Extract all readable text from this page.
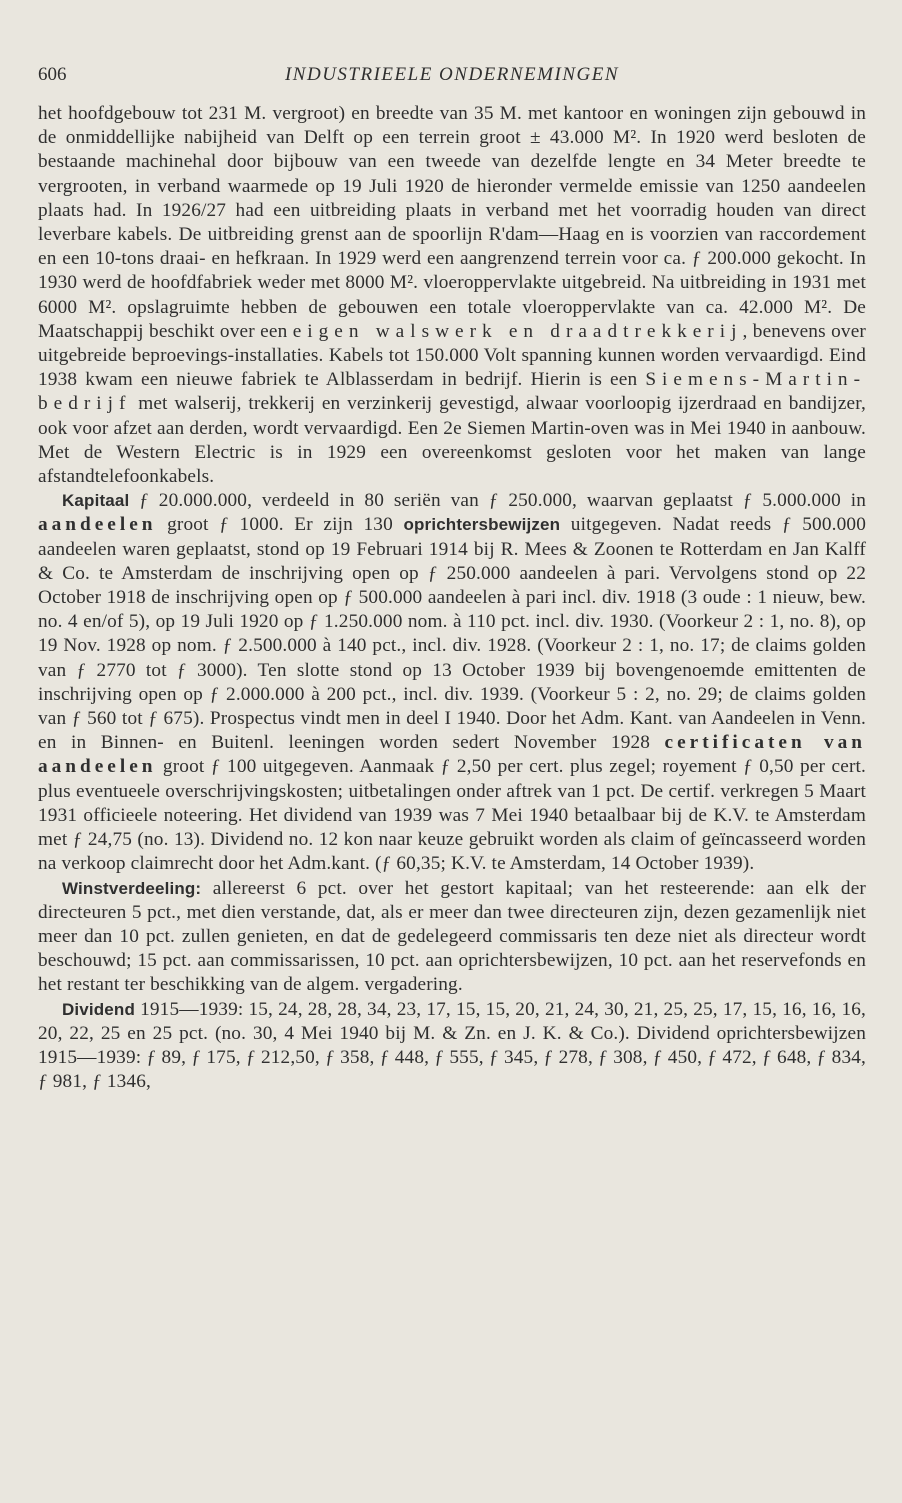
606	INDUSTRIEELE ONDERNEMINGEN

het hoofdgebouw tot 231 M. vergroot) en breedte van 35 M. met kantoor en woningen zijn gebouwd in de onmiddellijke nabijheid van Delft op een terrein groot ± 43.000 M². In 1920 werd besloten de bestaande machinehal door bijbouw van een tweede van dezelfde lengte en 34 Meter breedte te vergrooten, in verband waarmede op 19 Juli 1920 de hieronder vermelde emissie van 1250 aandeelen plaats had. In 1926/27 had een uitbreiding plaats in verband met het voorradig houden van direct leverbare kabels. De uitbreiding grenst aan de spoorlijn R'dam—Haag en is voorzien van raccordement en een 10-tons draai- en hefkraan. In 1929 werd een aangrenzend terrein voor ca. ƒ 200.000 gekocht. In 1930 werd de hoofdfabriek weder met 8000 M². vloeroppervlakte uitgebreid. Na uitbreiding in 1931 met 6000 M². opslagruimte hebben de gebouwen een totale vloeroppervlakte van ca. 42.000 M². De Maatschappij beschikt over een eigen walswerk en draadtrekkerij, benevens over uitgebreide beproevings-installaties. Kabels tot 150.000 Volt spanning kunnen worden vervaardigd. Eind 1938 kwam een nieuwe fabriek te Alblasserdam in bedrijf. Hierin is een Siemens-Martin-bedrijf met walserij, trekkerij en verzinkerij gevestigd, alwaar voorloopig ijzerdraad en bandijzer, ook voor afzet aan derden, wordt vervaardigd. Een 2e Siemen Martin-oven was in Mei 1940 in aanbouw. Met de Western Electric is in 1929 een overeenkomst gesloten voor het maken van lange afstandtelefoonkabels.

Kapitaal ƒ 20.000.000, verdeeld in 80 seriën van ƒ 250.000, waarvan geplaatst ƒ 5.000.000 in aandeelen groot ƒ 1000. Er zijn 130 oprichtersbewijzen uitgegeven. Nadat reeds ƒ 500.000 aandeelen waren geplaatst, stond op 19 Februari 1914 bij R. Mees & Zoonen te Rotterdam en Jan Kalff & Co. te Amsterdam de inschrijving open op ƒ 250.000 aandeelen à pari. Vervolgens stond op 22 October 1918 de inschrijving open op ƒ 500.000 aandeelen à pari incl. div. 1918 (3 oude : 1 nieuw, bew. no. 4 en/of 5), op 19 Juli 1920 op ƒ 1.250.000 nom. à 110 pct. incl. div. 1930. (Voorkeur 2 : 1, no. 8), op 19 Nov. 1928 op nom. ƒ 2.500.000 à 140 pct., incl. div. 1928. (Voorkeur 2 : 1, no. 17; de claims golden van ƒ 2770 tot ƒ 3000). Ten slotte stond op 13 October 1939 bij bovengenoemde emittenten de inschrijving open op ƒ 2.000.000 à 200 pct., incl. div. 1939. (Voorkeur 5 : 2, no. 29; de claims golden van ƒ 560 tot ƒ 675). Prospectus vindt men in deel I 1940. Door het Adm. Kant. van Aandeelen in Venn. en in Binnen- en Buitenl. leeningen worden sedert November 1928 certificaten van aandeelen groot ƒ 100 uitgegeven. Aanmaak ƒ 2,50 per cert. plus zegel; royement ƒ 0,50 per cert. plus eventueele overschrijvingskosten; uitbetalingen onder aftrek van 1 pct. De certif. verkregen 5 Maart 1931 officieele noteering. Het dividend van 1939 was 7 Mei 1940 betaalbaar bij de K.V. te Amsterdam met ƒ 24,75 (no. 13). Dividend no. 12 kon naar keuze gebruikt worden als claim of geïncasseerd worden na verkoop claimrecht door het Adm.kant. (ƒ 60,35; K.V. te Amsterdam, 14 October 1939).

Winstverdeeling: allereerst 6 pct. over het gestort kapitaal; van het resteerende: aan elk der directeuren 5 pct., met dien verstande, dat, als er meer dan twee directeuren zijn, dezen gezamenlijk niet meer dan 10 pct. zullen genieten, en dat de gedelegeerd commissaris ten deze niet als directeur wordt beschouwd; 15 pct. aan commissarissen, 10 pct. aan oprichtersbewijzen, 10 pct. aan het reservefonds en het restant ter beschikking van de algem. vergadering.

Dividend 1915—1939: 15, 24, 28, 28, 34, 23, 17, 15, 15, 20, 21, 24, 30, 21, 25, 25, 17, 15, 16, 16, 16, 20, 22, 25 en 25 pct. (no. 30, 4 Mei 1940 bij M. & Zn. en J. K. & Co.). Dividend oprichtersbewijzen 1915—1939: ƒ 89, ƒ 175, ƒ 212,50, ƒ 358, ƒ 448, ƒ 555, ƒ 345, ƒ 278, ƒ 308, ƒ 450, ƒ 472, ƒ 648, ƒ 834, ƒ 981, ƒ 1346,
